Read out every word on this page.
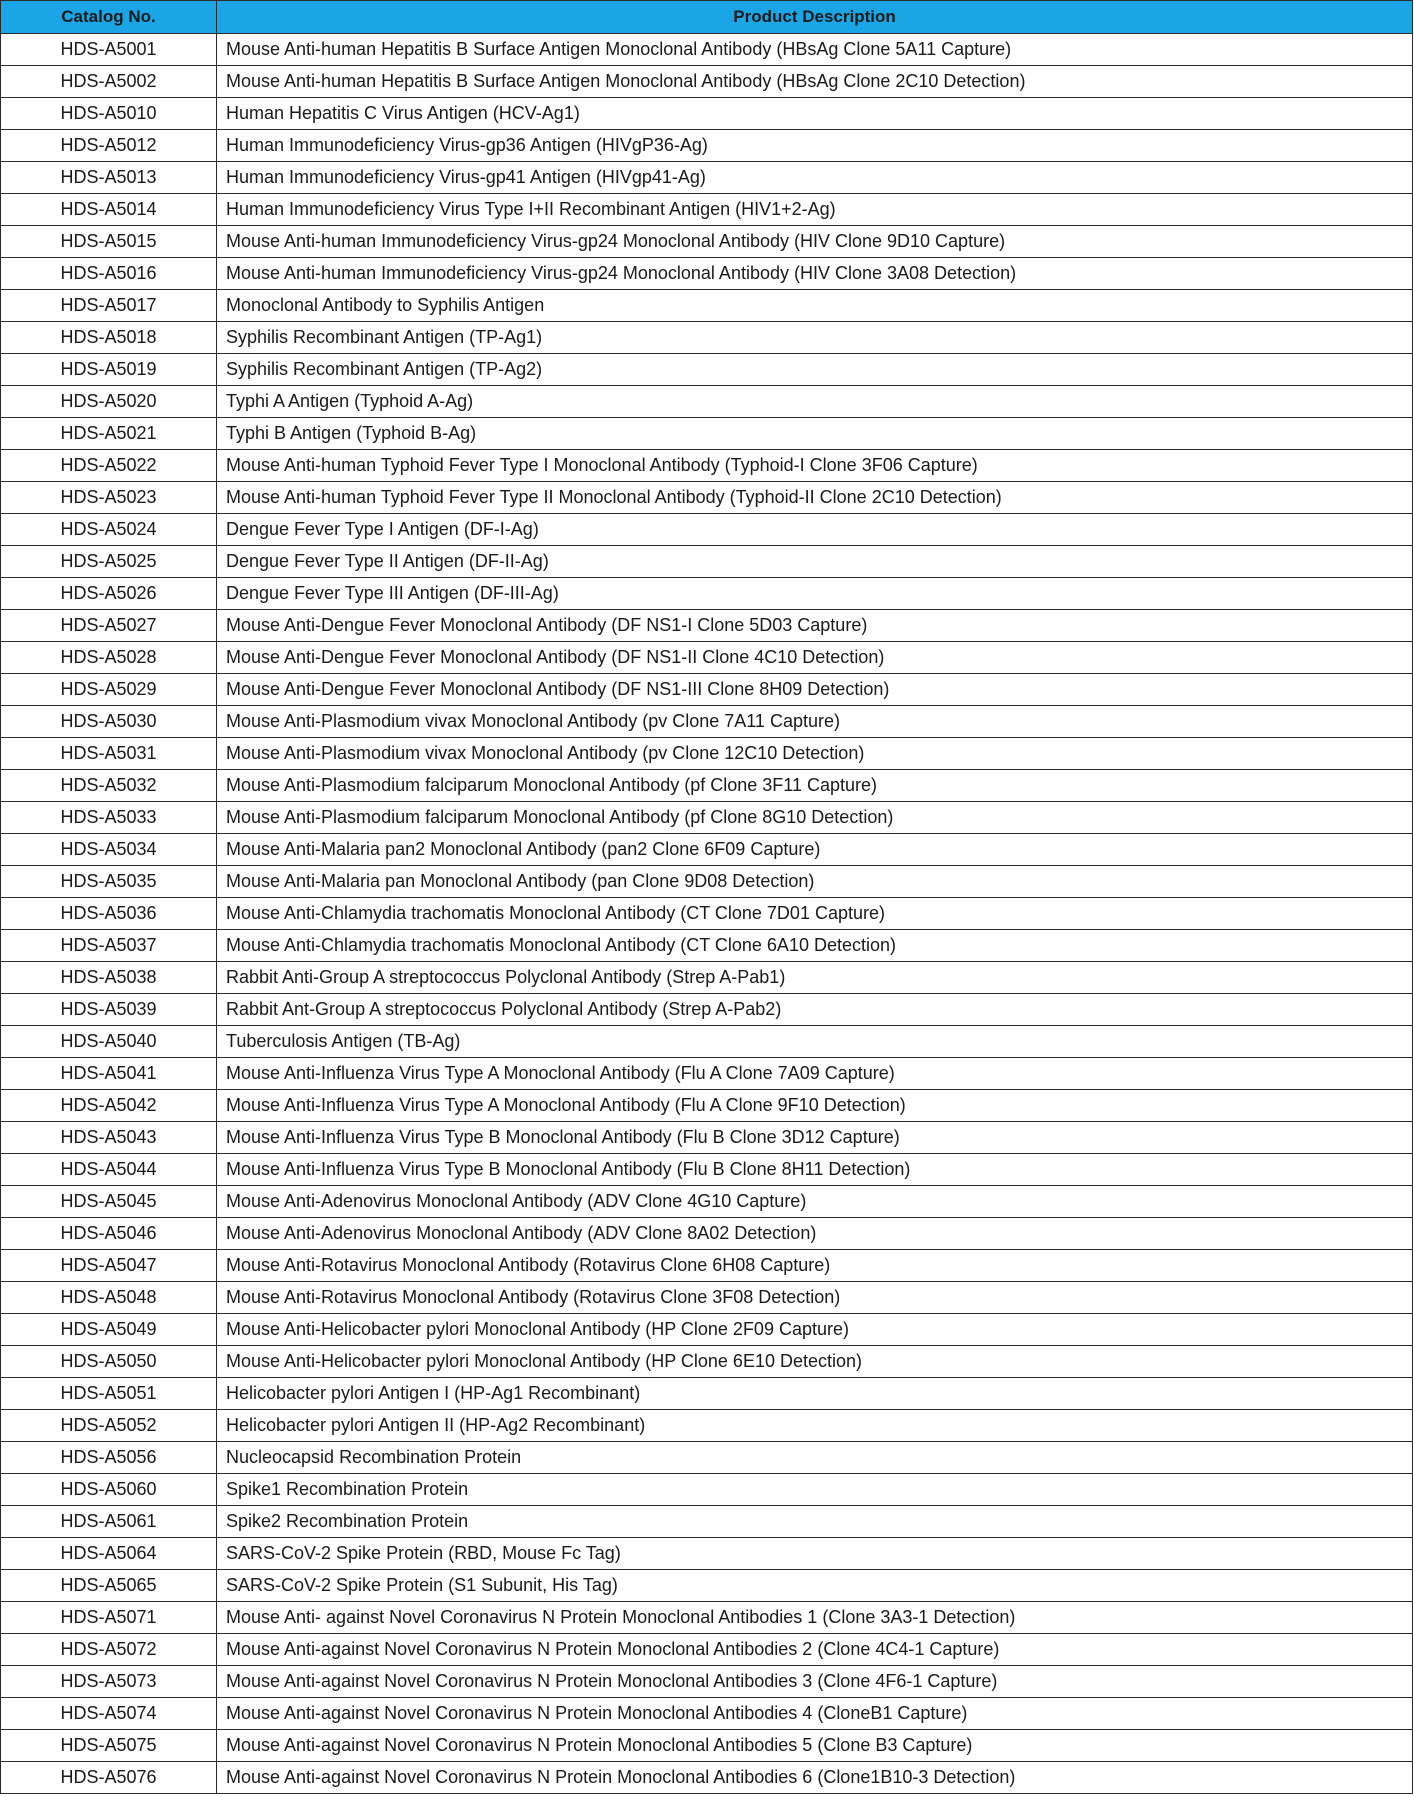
Catalog No.	Product Description
HDS-A5001	Mouse Anti-human Hepatitis B Surface Antigen Monoclonal Antibody (HBsAg Clone 5A11 Capture)
HDS-A5002	Mouse Anti-human Hepatitis B Surface Antigen Monoclonal Antibody (HBsAg Clone 2C10 Detection)
HDS-A5010	Human Hepatitis C Virus Antigen (HCV-Ag1)
HDS-A5012	Human Immunodeficiency Virus-gp36 Antigen (HIVgP36-Ag)
HDS-A5013	Human Immunodeficiency Virus-gp41 Antigen (HIVgp41-Ag)
HDS-A5014	Human Immunodeficiency Virus Type I+II Recombinant Antigen (HIV1+2-Ag)
HDS-A5015	Mouse Anti-human Immunodeficiency Virus-gp24 Monoclonal Antibody (HIV Clone 9D10 Capture)
HDS-A5016	Mouse Anti-human Immunodeficiency Virus-gp24 Monoclonal Antibody (HIV Clone 3A08 Detection)
HDS-A5017	Monoclonal Antibody to Syphilis Antigen
HDS-A5018	Syphilis Recombinant Antigen (TP-Ag1)
HDS-A5019	Syphilis Recombinant Antigen (TP-Ag2)
HDS-A5020	Typhi A Antigen (Typhoid A-Ag)
HDS-A5021	Typhi B Antigen (Typhoid B-Ag)
HDS-A5022	Mouse Anti-human Typhoid Fever Type I Monoclonal Antibody (Typhoid-I Clone 3F06 Capture)
HDS-A5023	Mouse Anti-human Typhoid Fever Type II Monoclonal Antibody (Typhoid-II Clone 2C10 Detection)
HDS-A5024	Dengue Fever Type I Antigen (DF-I-Ag)
HDS-A5025	Dengue Fever Type II Antigen (DF-II-Ag)
HDS-A5026	Dengue Fever Type III Antigen (DF-III-Ag)
HDS-A5027	Mouse Anti-Dengue Fever Monoclonal Antibody (DF NS1-I Clone 5D03 Capture)
HDS-A5028	Mouse Anti-Dengue Fever Monoclonal Antibody (DF NS1-II Clone 4C10 Detection)
HDS-A5029	Mouse Anti-Dengue Fever Monoclonal Antibody (DF NS1-III Clone 8H09 Detection)
HDS-A5030	Mouse Anti-Plasmodium vivax Monoclonal Antibody (pv Clone 7A11 Capture)
HDS-A5031	Mouse Anti-Plasmodium vivax Monoclonal Antibody (pv Clone 12C10 Detection)
HDS-A5032	Mouse Anti-Plasmodium falciparum Monoclonal Antibody (pf Clone 3F11 Capture)
HDS-A5033	Mouse Anti-Plasmodium falciparum Monoclonal Antibody (pf Clone 8G10 Detection)
HDS-A5034	Mouse Anti-Malaria pan2 Monoclonal Antibody (pan2 Clone 6F09 Capture)
HDS-A5035	Mouse Anti-Malaria pan Monoclonal Antibody (pan Clone 9D08 Detection)
HDS-A5036	Mouse Anti-Chlamydia trachomatis Monoclonal Antibody (CT Clone 7D01 Capture)
HDS-A5037	Mouse Anti-Chlamydia trachomatis Monoclonal Antibody (CT Clone 6A10 Detection)
HDS-A5038	Rabbit Anti-Group A streptococcus Polyclonal Antibody (Strep A-Pab1)
HDS-A5039	Rabbit Ant-Group A streptococcus Polyclonal Antibody (Strep A-Pab2)
HDS-A5040	Tuberculosis Antigen (TB-Ag)
HDS-A5041	Mouse Anti-Influenza Virus Type A Monoclonal Antibody (Flu A Clone 7A09 Capture)
HDS-A5042	Mouse Anti-Influenza Virus Type A Monoclonal Antibody (Flu A Clone 9F10 Detection)
HDS-A5043	Mouse Anti-Influenza Virus Type B Monoclonal Antibody (Flu B Clone 3D12 Capture)
HDS-A5044	Mouse Anti-Influenza Virus Type B Monoclonal Antibody (Flu B Clone 8H11 Detection)
HDS-A5045	Mouse Anti-Adenovirus Monoclonal Antibody (ADV Clone 4G10 Capture)
HDS-A5046	Mouse Anti-Adenovirus Monoclonal Antibody (ADV Clone 8A02 Detection)
HDS-A5047	Mouse Anti-Rotavirus Monoclonal Antibody (Rotavirus Clone 6H08 Capture)
HDS-A5048	Mouse Anti-Rotavirus Monoclonal Antibody (Rotavirus Clone 3F08 Detection)
HDS-A5049	Mouse Anti-Helicobacter pylori Monoclonal Antibody (HP Clone 2F09 Capture)
HDS-A5050	Mouse Anti-Helicobacter pylori Monoclonal Antibody (HP Clone 6E10 Detection)
HDS-A5051	Helicobacter pylori Antigen I (HP-Ag1 Recombinant)
HDS-A5052	Helicobacter pylori Antigen II (HP-Ag2 Recombinant)
HDS-A5056	Nucleocapsid Recombination Protein
HDS-A5060	Spike1 Recombination Protein
HDS-A5061	Spike2 Recombination Protein
HDS-A5064	SARS-CoV-2 Spike Protein (RBD, Mouse Fc Tag)
HDS-A5065	SARS-CoV-2 Spike Protein (S1 Subunit, His Tag)
HDS-A5071	Mouse Anti- against Novel Coronavirus N Protein Monoclonal Antibodies 1 (Clone 3A3-1 Detection)
HDS-A5072	Mouse Anti-against Novel Coronavirus N Protein Monoclonal Antibodies 2 (Clone 4C4-1 Capture)
HDS-A5073	Mouse Anti-against Novel Coronavirus N Protein Monoclonal Antibodies 3 (Clone 4F6-1 Capture)
HDS-A5074	Mouse Anti-against Novel Coronavirus N Protein Monoclonal Antibodies 4 (CloneB1 Capture)
HDS-A5075	Mouse Anti-against Novel Coronavirus N Protein Monoclonal Antibodies 5 (Clone B3 Capture)
HDS-A5076	Mouse Anti-against Novel Coronavirus N Protein Monoclonal Antibodies 6 (Clone1B10-3 Detection)
